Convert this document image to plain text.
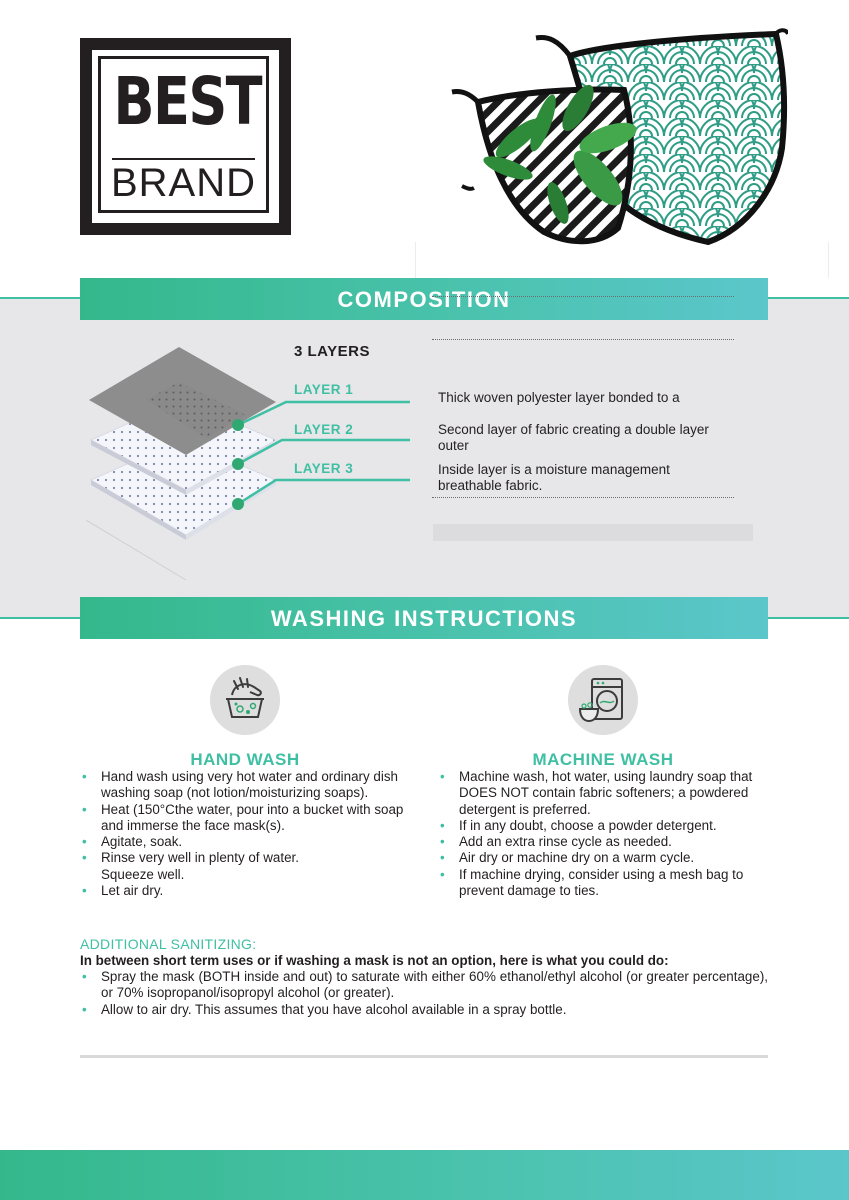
BEST
BRAND
COMPOSITION
3 LAYERS
LAYER 1
LAYER 2
LAYER 3
Thick woven polyester layer bonded to a
Second layer of fabric creating a double layer outer
Inside layer is a moisture management breathable fabric.
WASHING INSTRUCTIONS
HAND WASH	MACHINE WASH
• Hand wash using very hot water and ordinary dish washing soap (not lotion/moisturizing soaps).
• Heat (150°Cthe water, pour into a bucket with soap and immerse the face mask(s).
• Agitate, soak.
• Rinse very well in plenty of water. Squeeze well.
• Let air dry.
• Machine wash, hot water, using laundry soap that DOES NOT contain fabric softeners; a powdered detergent is preferred.
• If in any doubt, choose a powder detergent.
• Add an extra rinse cycle as needed.
• Air dry or machine dry on a warm cycle.
• If machine drying, consider using a mesh bag to prevent damage to ties.
ADDITIONAL SANITIZING:
In between short term uses or if washing a mask is not an option, here is what you could do:
• Spray the mask (BOTH inside and out) to saturate with either 60% ethanol/ethyl alcohol (or greater percentage), or 70% isopropanol/isopropyl alcohol (or greater).
• Allow to air dry. This assumes that you have alcohol available in a spray bottle.
